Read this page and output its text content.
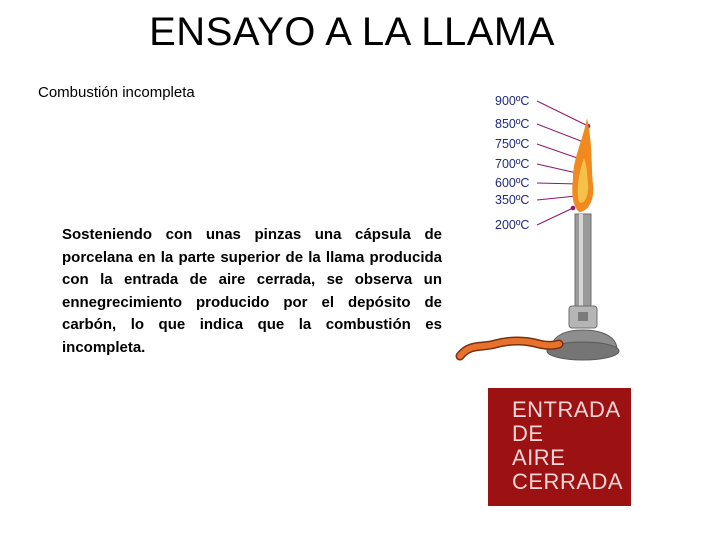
ENSAYO A LA LLAMA
Combustión incompleta
Sosteniendo con unas pinzas una cápsula de porcelana en la parte superior de la llama producida con la entrada de aire cerrada, se observa un ennegrecimiento producido por el depósito de carbón, lo que indica que la combustión es incompleta.
900ºC
850ºC
750ºC
700ºC
600ºC
350ºC
200ºC
ENTRADA
DE
AIRE
CERRADA
